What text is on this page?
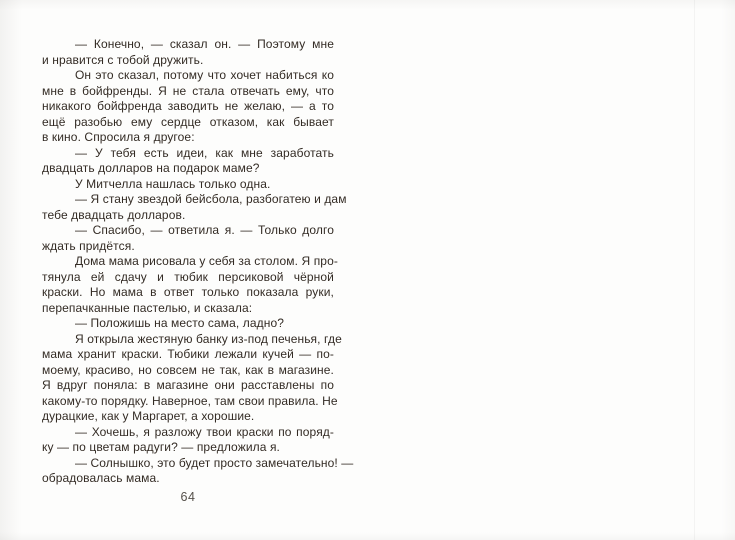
— Конечно, — сказал он. — Поэтому мне
и нравится с тобой дружить.

Он это сказал, потому что хочет набиться ко
мне в бойфренды. Я не стала отвечать ему, что
никакого бойфренда заводить не желаю, — а то
ещё разобью ему сердце отказом, как бывает
в кино. Спросила я другое:

— У тебя есть идеи, как мне заработать
двадцать долларов на подарок маме?

У Митчелла нашлась только одна.

— Я стану звездой бейсбола, разбогатею и дам
тебе двадцать долларов.

— Спасибо, — ответила я. — Только долго
ждать придётся.

Дома мама рисовала у себя за столом. Я про-
тянула ей сдачу и тюбик персиковой чёрной
краски. Но мама в ответ только показала руки,
перепачканные пастелью, и сказала:

— Положишь на место сама, ладно?

Я открыла жестяную банку из-под печенья, где
мама хранит краски. Тюбики лежали кучей — по-
моему, красиво, но совсем не так, как в магазине.
Я вдруг поняла: в магазине они расставлены по
какому-то порядку. Наверное, там свои правила. Не
дурацкие, как у Маргарет, а хорошие.

— Хочешь, я разложу твои краски по поряд-
ку — по цветам радуги? — предложила я.

— Солнышко, это будет просто замечательно! —
обрадовалась мама.

64
